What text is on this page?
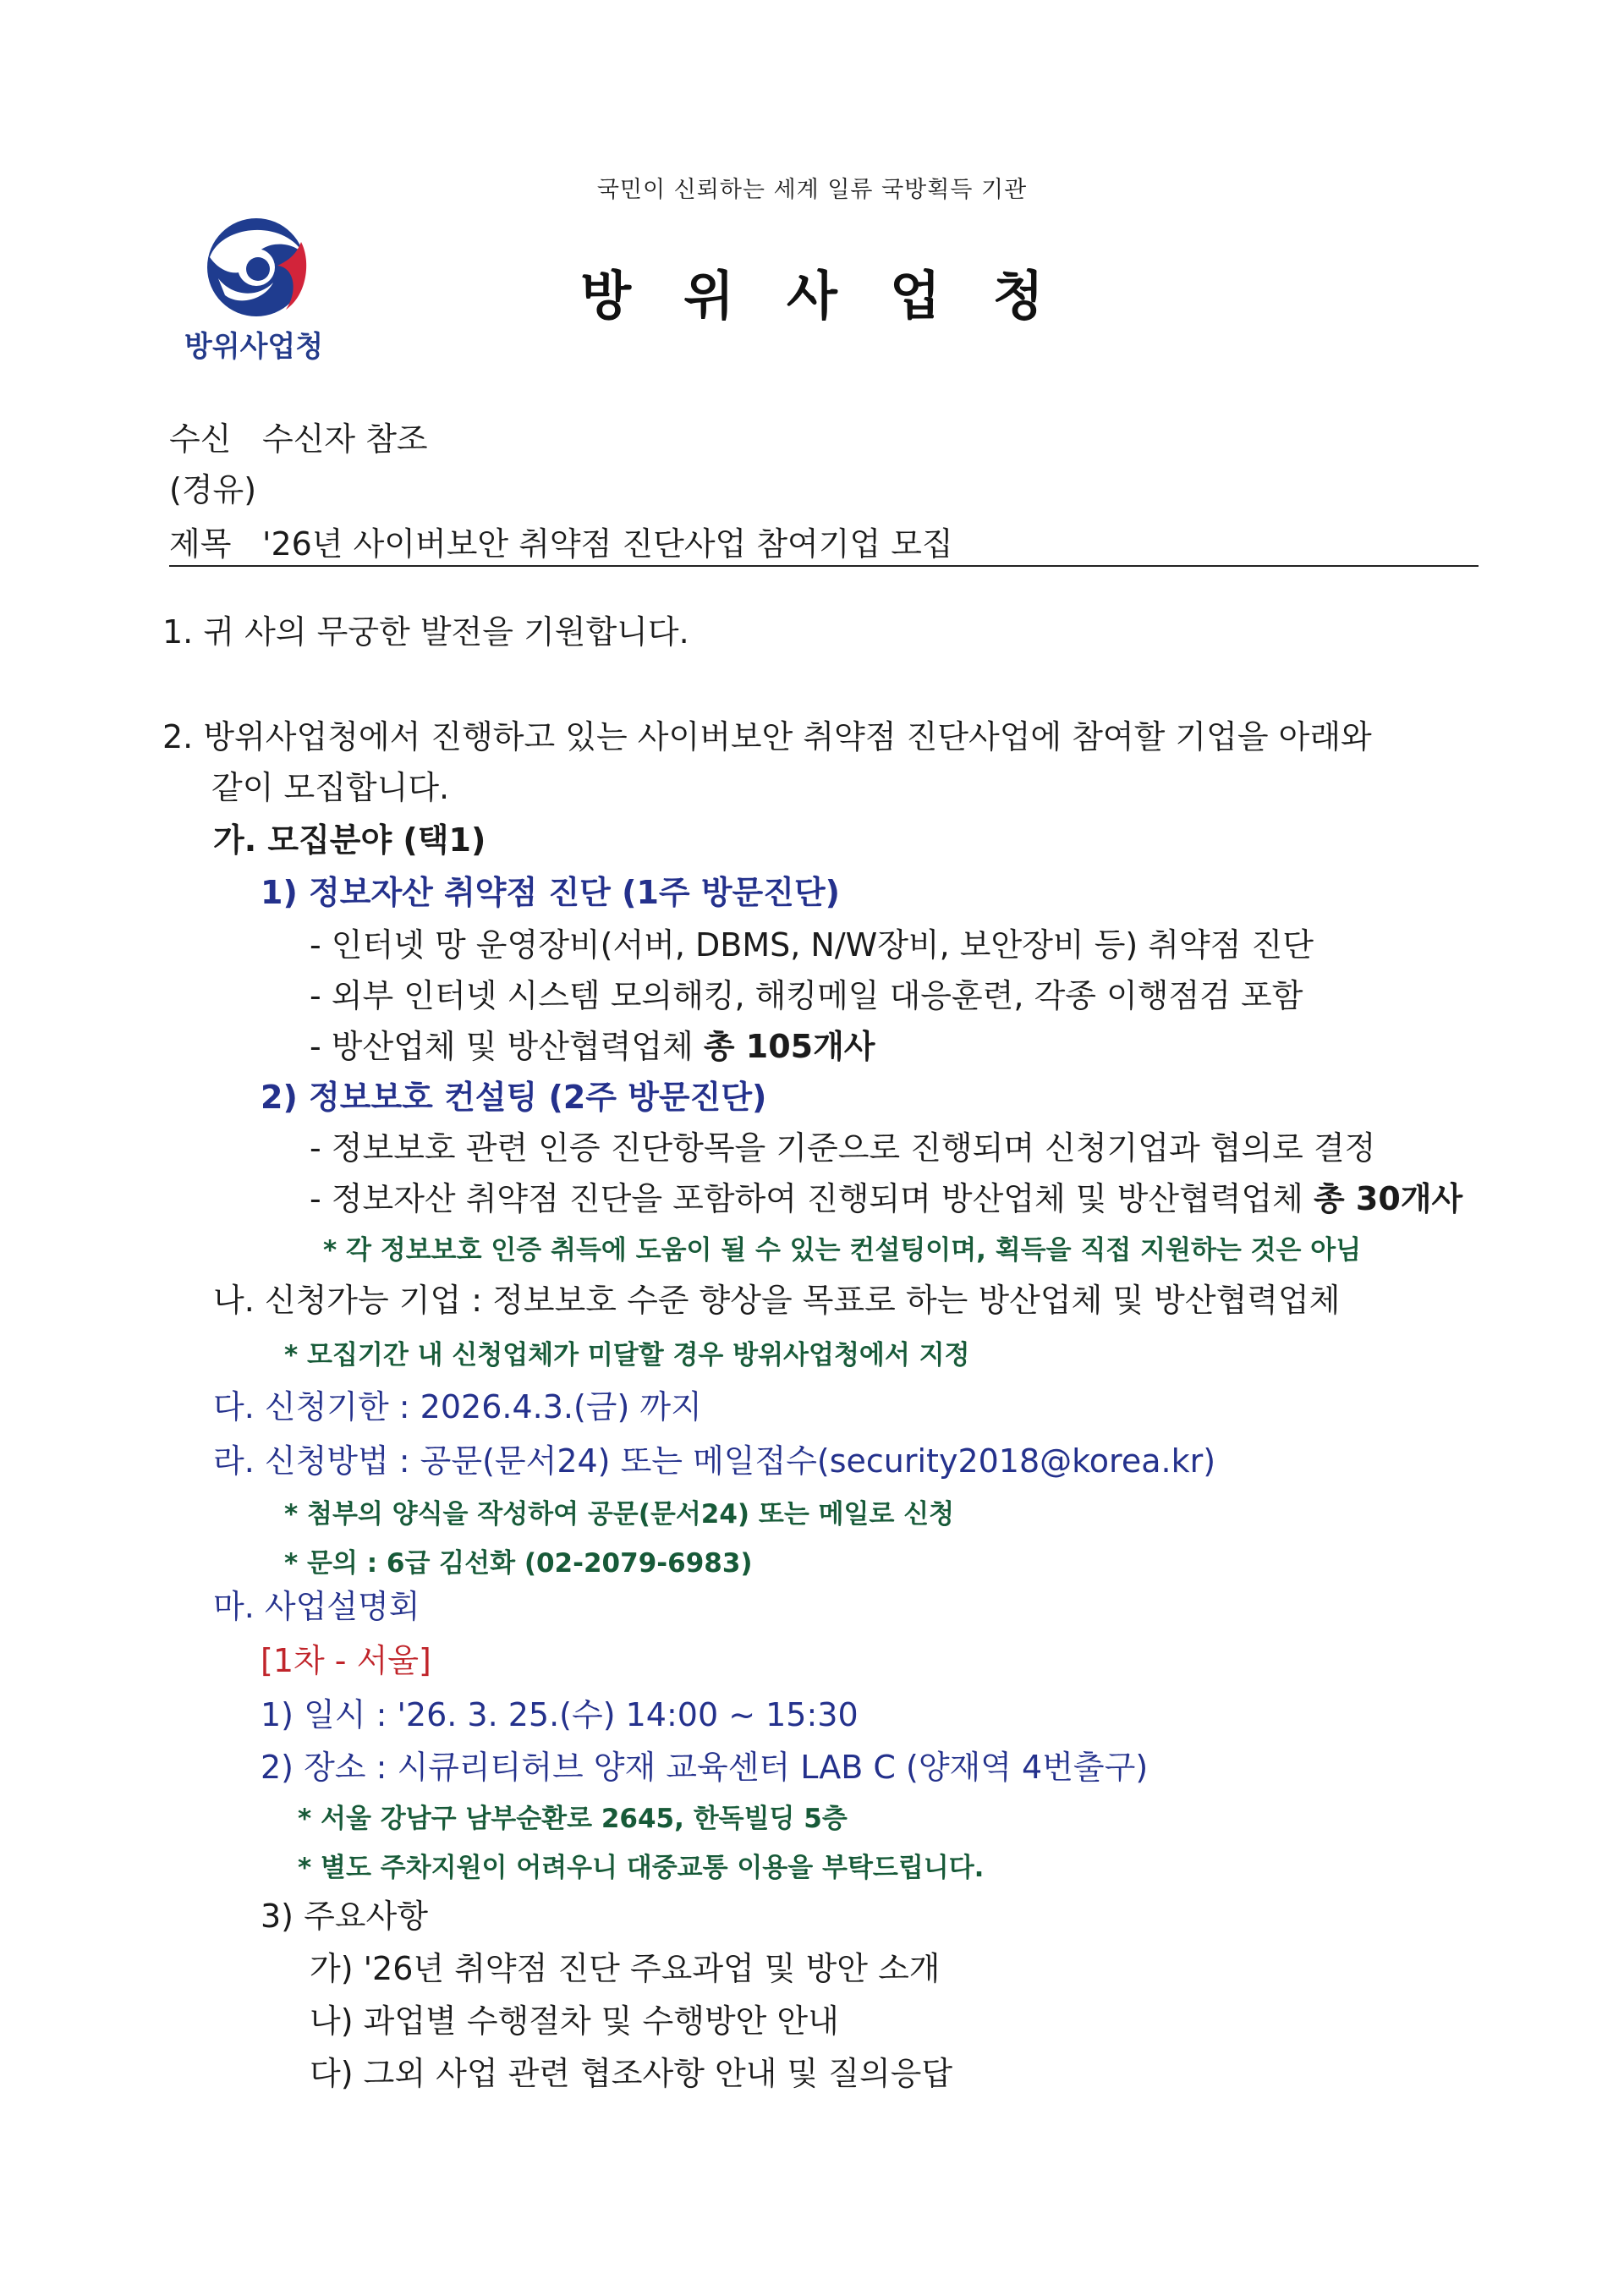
국민이 신뢰하는 세계 일류 국방획득 기관
방위사업청
방위사업청
수신 수신자 참조
(경유)
제목 '26년 사이버보안 취약점 진단사업 참여기업 모집
1. 귀 사의 무궁한 발전을 기원합니다.
2. 방위사업청에서 진행하고 있는 사이버보안 취약점 진단사업에 참여할 기업을 아래와
같이 모집합니다.
가. 모집분야 (택1)
1) 정보자산 취약점 진단 (1주 방문진단)
- 인터넷 망 운영장비(서버, DBMS, N/W장비, 보안장비 등) 취약점 진단
- 외부 인터넷 시스템 모의해킹, 해킹메일 대응훈련, 각종 이행점검 포함
- 방산업체 및 방산협력업체 총 105개사
2) 정보보호 컨설팅 (2주 방문진단)
- 정보보호 관련 인증 진단항목을 기준으로 진행되며 신청기업과 협의로 결정
- 정보자산 취약점 진단을 포함하여 진행되며 방산업체 및 방산협력업체 총 30개사
* 각 정보보호 인증 취득에 도움이 될 수 있는 컨설팅이며, 획득을 직접 지원하는 것은 아님
나. 신청가능 기업 : 정보보호 수준 향상을 목표로 하는 방산업체 및 방산협력업체
* 모집기간 내 신청업체가 미달할 경우 방위사업청에서 지정
다. 신청기한 : 2026.4.3.(금) 까지
라. 신청방법 : 공문(문서24) 또는 메일접수(security2018@korea.kr)
* 첨부의 양식을 작성하여 공문(문서24) 또는 메일로 신청
* 문의 : 6급 김선화 (02-2079-6983)
마. 사업설명회
[1차 - 서울]
1) 일시 : '26. 3. 25.(수) 14:00 ~ 15:30
2) 장소 : 시큐리티허브 양재 교육센터 LAB C (양재역 4번출구)
* 서울 강남구 남부순환로 2645, 한독빌딩 5층
* 별도 주차지원이 어려우니 대중교통 이용을 부탁드립니다.
3) 주요사항
가) '26년 취약점 진단 주요과업 및 방안 소개
나) 과업별 수행절차 및 수행방안 안내
다) 그외 사업 관련 협조사항 안내 및 질의응답
